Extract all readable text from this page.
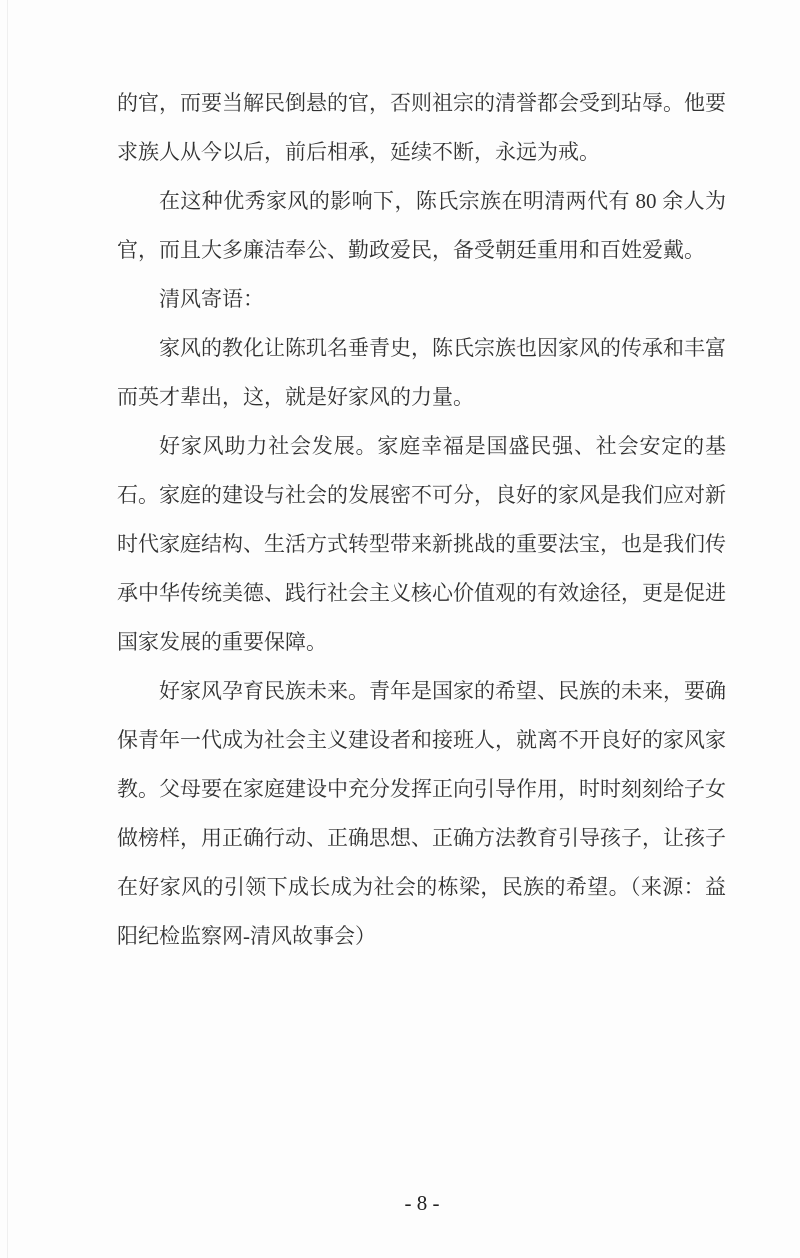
的官，而要当解民倒悬的官，否则祖宗的清誉都会受到玷辱。他要求族人从今以后，前后相承，延续不断，永远为戒。

在这种优秀家风的影响下，陈氏宗族在明清两代有 80 余人为官，而且大多廉洁奉公、勤政爱民，备受朝廷重用和百姓爱戴。

清风寄语：

家风的教化让陈玑名垂青史，陈氏宗族也因家风的传承和丰富而英才辈出，这，就是好家风的力量。

好家风助力社会发展。家庭幸福是国盛民强、社会安定的基石。家庭的建设与社会的发展密不可分，良好的家风是我们应对新时代家庭结构、生活方式转型带来新挑战的重要法宝，也是我们传承中华传统美德、践行社会主义核心价值观的有效途径，更是促进国家发展的重要保障。

好家风孕育民族未来。青年是国家的希望、民族的未来，要确保青年一代成为社会主义建设者和接班人，就离不开良好的家风家教。父母要在家庭建设中充分发挥正向引导作用，时时刻刻给子女做榜样，用正确行动、正确思想、正确方法教育引导孩子，让孩子在好家风的引领下成长成为社会的栋梁，民族的希望。（来源：益阳纪检监察网-清风故事会）

- 8 -
